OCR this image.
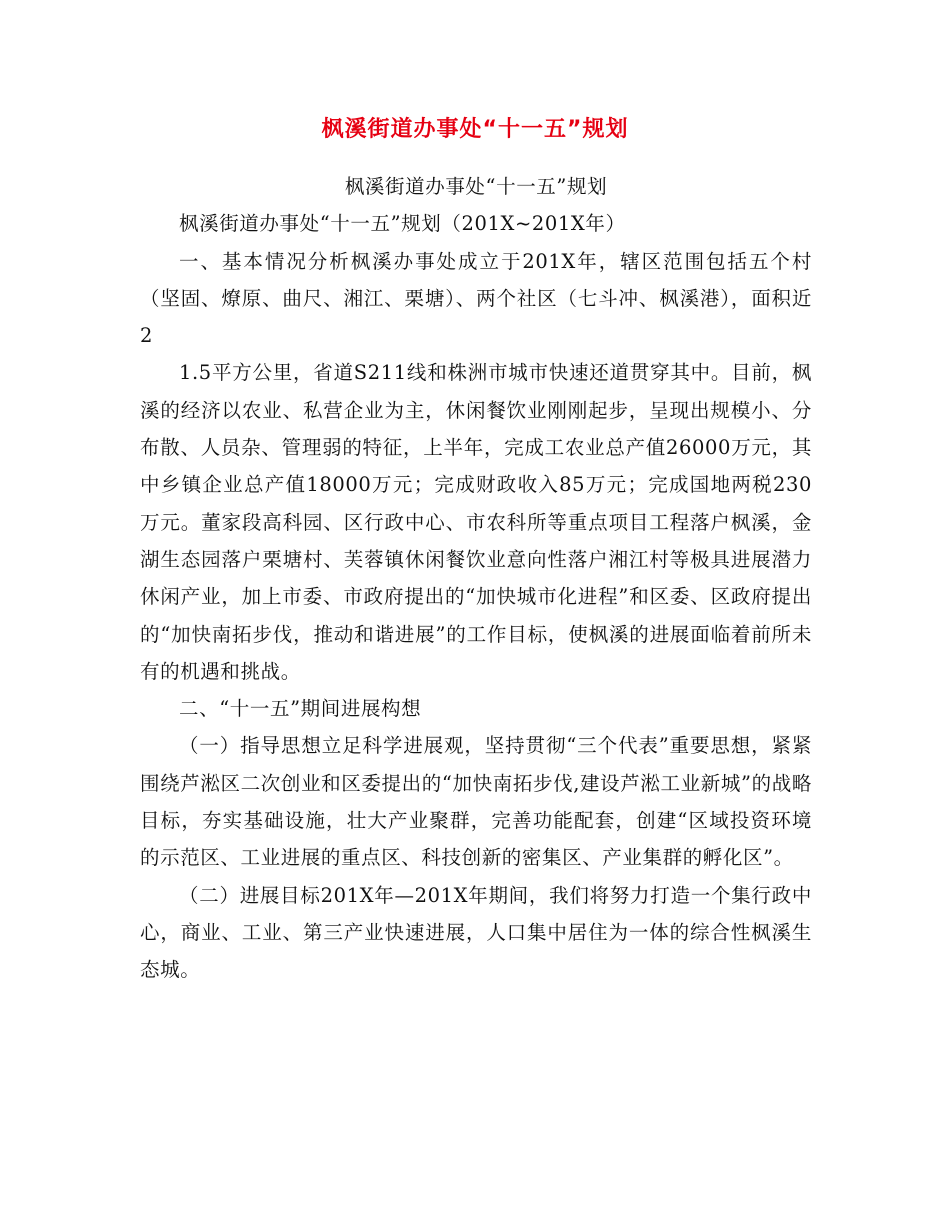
枫溪街道办事处“十一五”规划

枫溪街道办事处“十一五”规划

枫溪街道办事处“十一五”规划（201X~201X年）

一、基本情况分析枫溪办事处成立于201X年，辖区范围包括五个村（坚固、燎原、曲尺、湘江、栗塘）、两个社区（七斗冲、枫溪港），面积近2

1.5平方公里，省道S211线和株洲市城市快速还道贯穿其中。目前，枫溪的经济以农业、私营企业为主，休闲餐饮业刚刚起步，呈现出规模小、分布散、人员杂、管理弱的特征，上半年，完成工农业总产值26000万元，其中乡镇企业总产值18000万元；完成财政收入85万元；完成国地两税230万元。董家段高科园、区行政中心、市农科所等重点项目工程落户枫溪，金湖生态园落户栗塘村、芙蓉镇休闲餐饮业意向性落户湘江村等极具进展潜力休闲产业，加上市委、市政府提出的“加快城市化进程”和区委、区政府提出的“加快南拓步伐，推动和谐进展”的工作目标，使枫溪的进展面临着前所未有的机遇和挑战。

二、“十一五”期间进展构想

（一）指导思想立足科学进展观，坚持贯彻“三个代表”重要思想，紧紧围绕芦淞区二次创业和区委提出的“加快南拓步伐,建设芦淞工业新城”的战略目标，夯实基础设施，壮大产业聚群，完善功能配套，创建“区域投资环境的示范区、工业进展的重点区、科技创新的密集区、产业集群的孵化区”。

（二）进展目标201X年—201X年期间，我们将努力打造一个集行政中心，商业、工业、第三产业快速进展，人口集中居住为一体的综合性枫溪生态城。
